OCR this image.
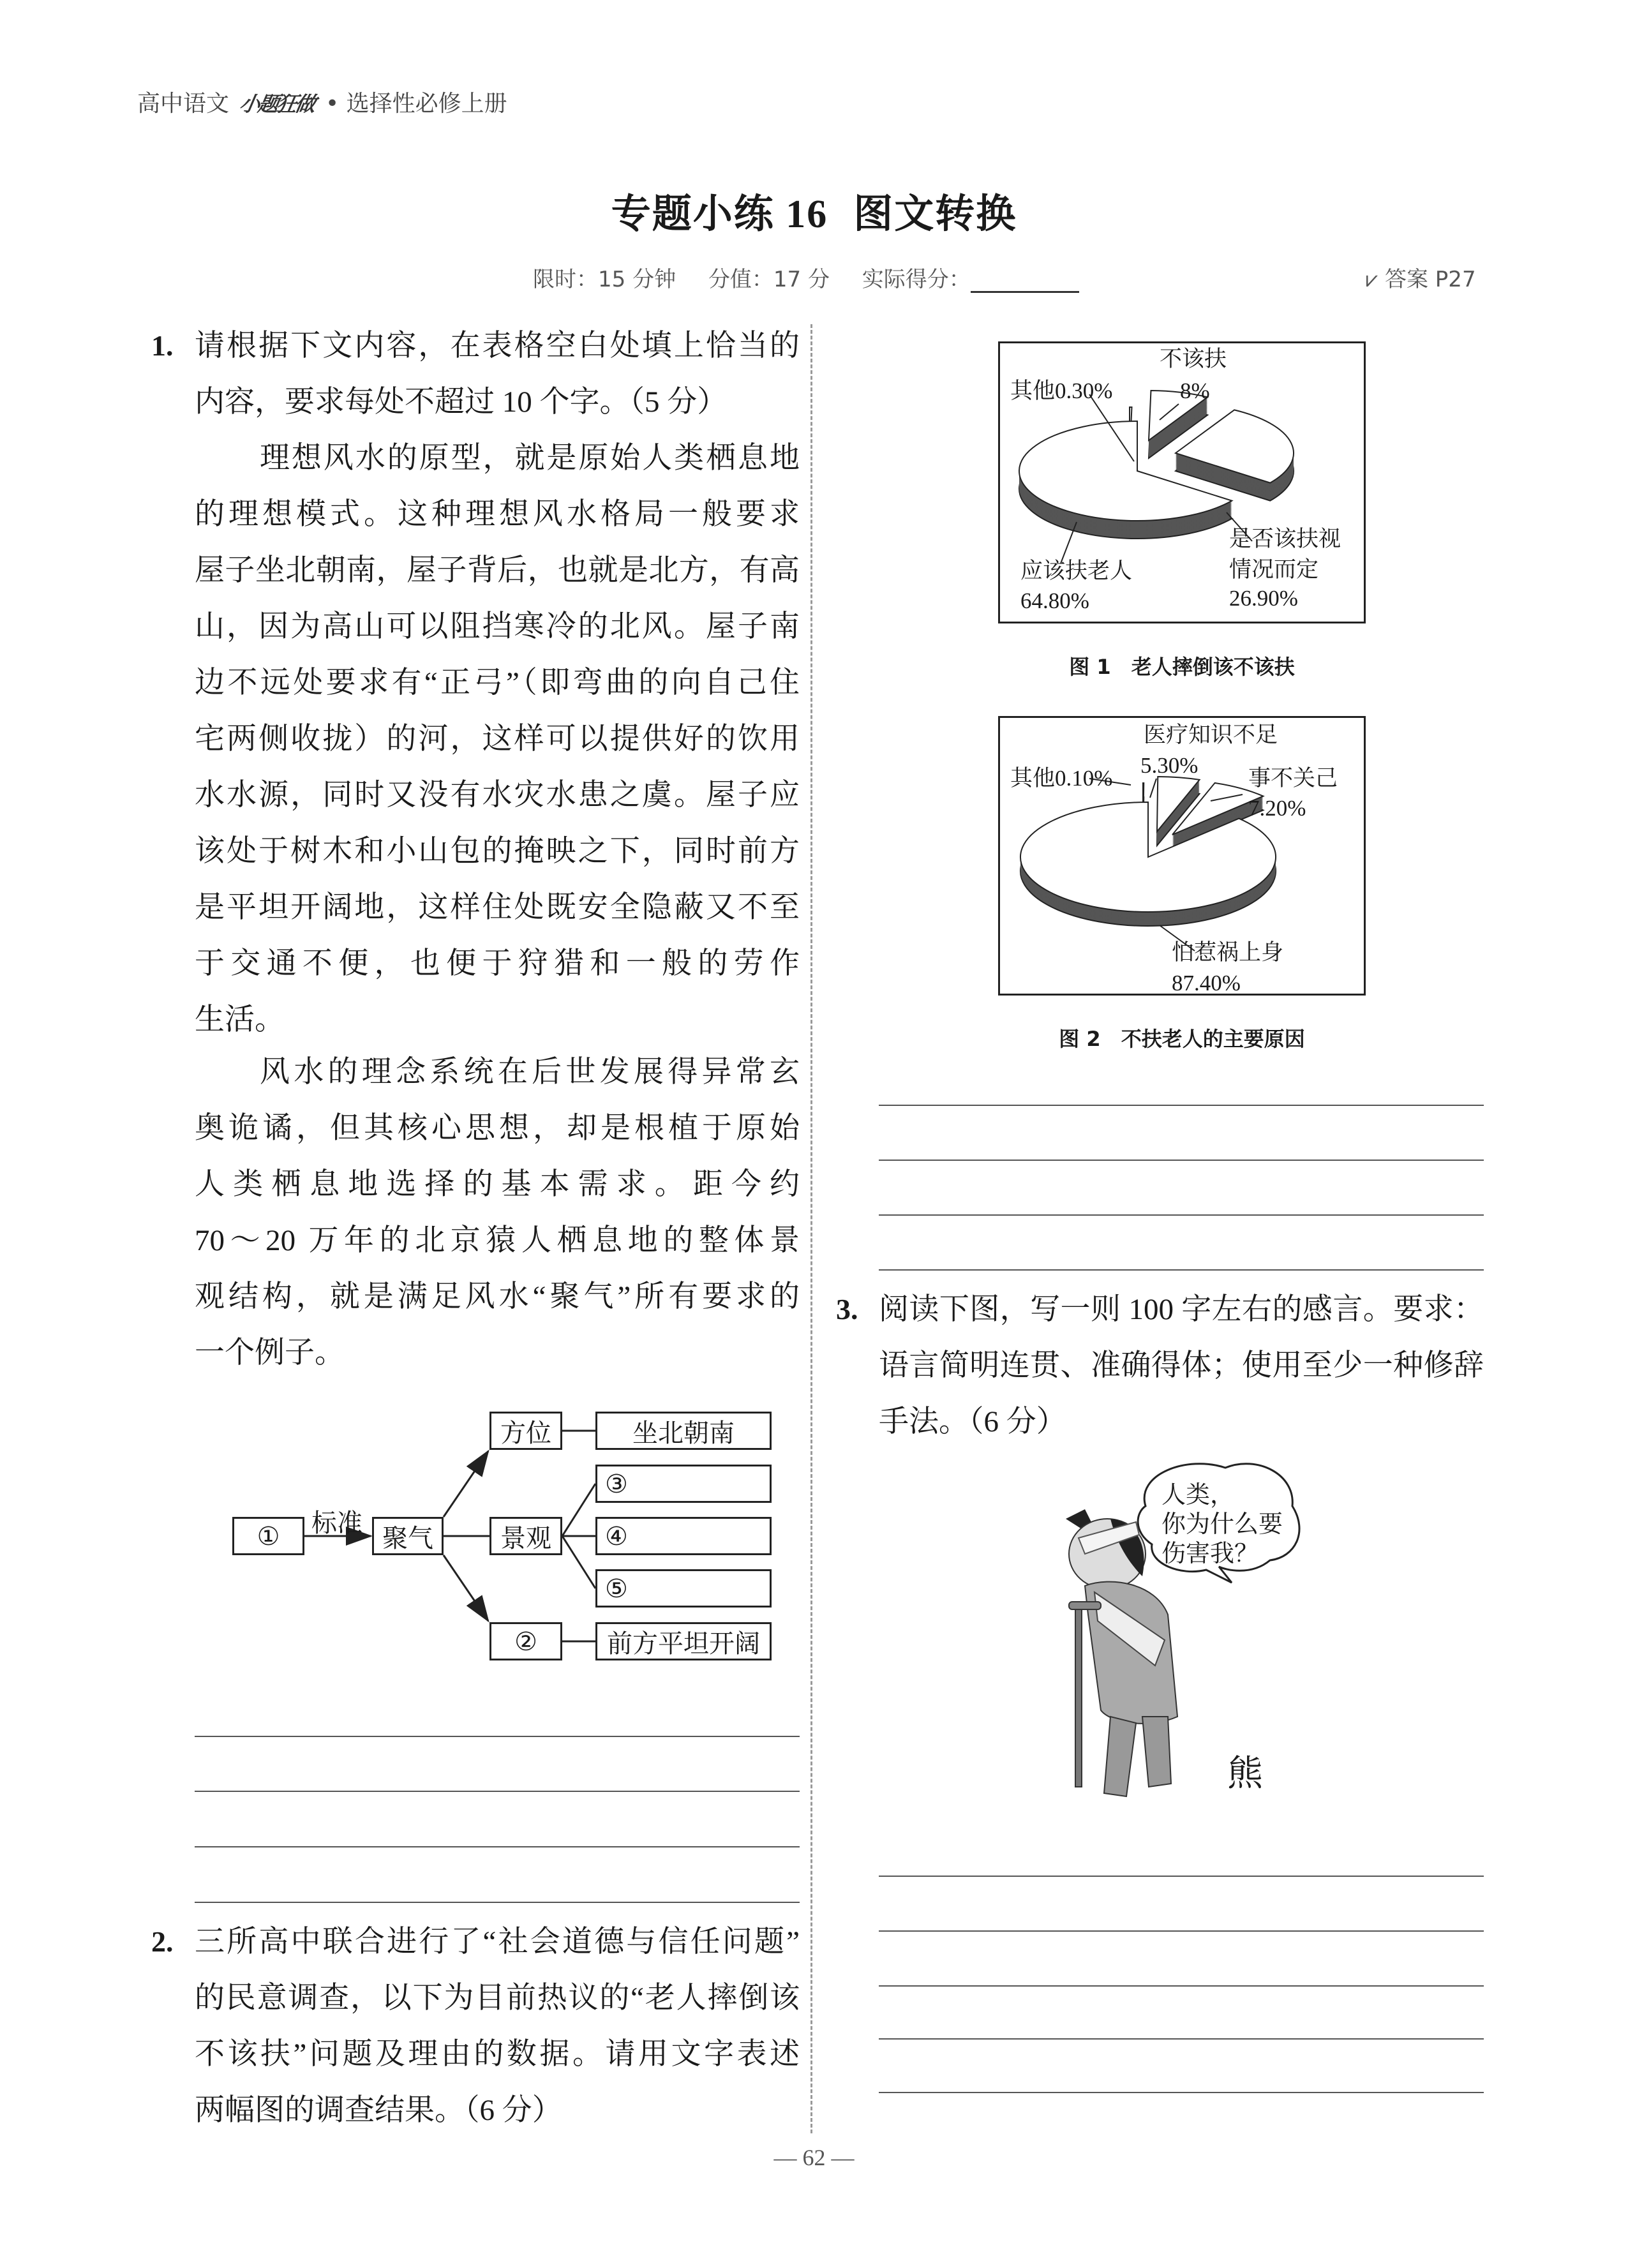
高中语文 小题狂做 • 选择性必修上册
专题小练 16 图文转换
限时：15 分钟 分值：17 分 实际得分：	⩗ 答案 P27
1. 请根据下文内容，在表格空白处填上恰当的
内容，要求每处不超过 10 个字。（5 分）
理想风水的原型，就是原始人类栖息地
的理想模式。这种理想风水格局一般要求
屋子坐北朝南，屋子背后，也就是北方，有高
山，因为高山可以阻挡寒冷的北风。屋子南
边不远处要求有“正弓”（即弯曲的向自己住
宅两侧收拢）的河，这样可以提供好的饮用
水水源，同时又没有水灾水患之虞。屋子应
该处于树木和小山包的掩映之下，同时前方
是平坦开阔地，这样住处既安全隐蔽又不至
于交通不便，也便于狩猎和一般的劳作
生活。
风水的理念系统在后世发展得异常玄
奥诡谲，但其核心思想，却是根植于原始
人类栖息地选择的基本需求。距今约
70～20 万年的北京猿人栖息地的整体景
观结构，就是满足风水“聚气”所有要求的
一个例子。
标准
①	聚气
方位	坐北朝南
③
景观	④
⑤
②	前方平坦开阔
2. 三所高中联合进行了“社会道德与信任问题”
的民意调查，以下为目前热议的“老人摔倒该
不该扶”问题及理由的数据。请用文字表述
两幅图的调查结果。（6 分）
其他0.30%
不该扶
8%
是否该扶视
情况而定
26.90%
应该扶老人
64.80%
图 1　老人摔倒该不该扶
医疗知识不足
5.30%
其他0.10%	事不关己
7.20%
怕惹祸上身
87.40%
图 2　不扶老人的主要原因
3. 阅读下图，写一则 100 字左右的感言。要求：
语言简明连贯、准确得体；使用至少一种修辞
手法。（6 分）
人类，
你为什么要
伤害我？
熊
— 62 —
